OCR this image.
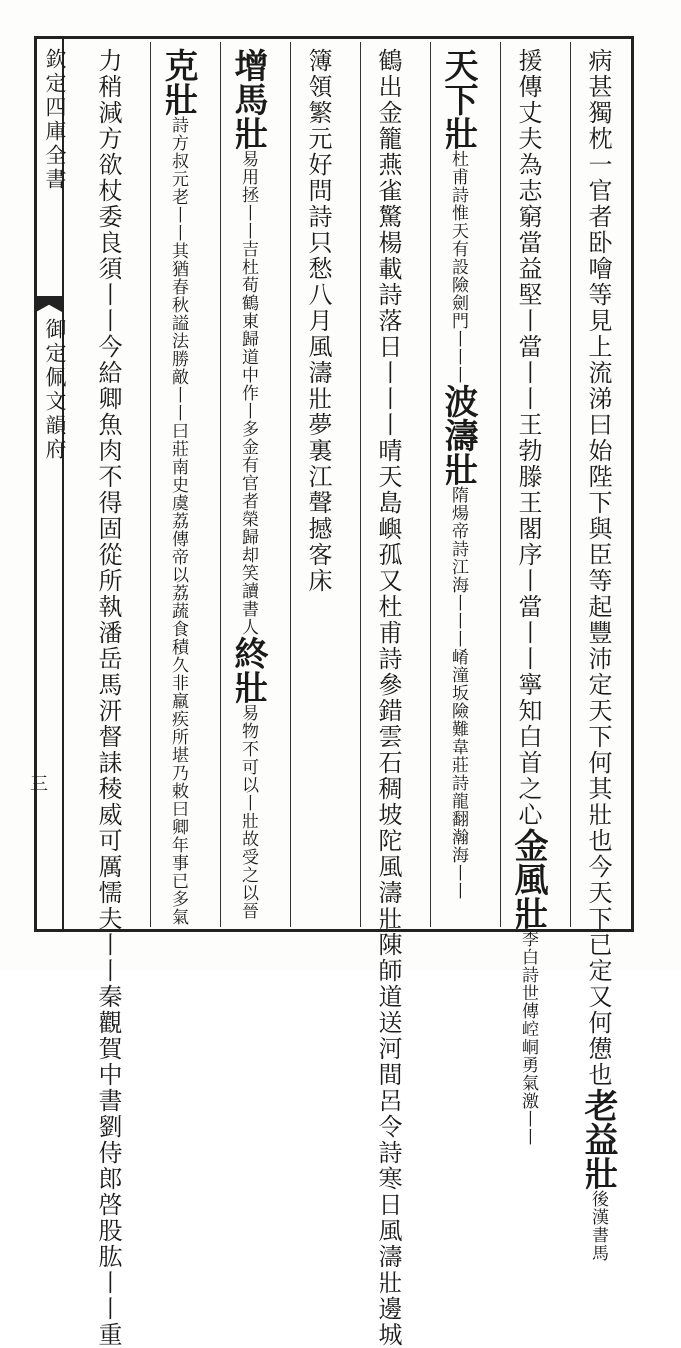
欽定四庫全書
御定佩文韻府
三	病甚獨枕一官者卧噲等見上流涕曰始陛下與臣等起豐沛定天下何其壯也今天下已定又何憊也老益壯後漢書馬
援傳丈夫為志窮當益堅丨當丨丨王勃滕王閣序丨當丨丨寧知白首之心金風壯李白詩世傳崆峒勇氣激丨丨
天下壯杜甫詩惟天有設險劍門丨丨丨波濤壯隋煬帝詩江海丨丨丨崤潼坂險難韋莊詩龍翻瀚海丨丨
鶴出金籠燕雀驚楊載詩落日丨丨丨晴天島嶼孤又杜甫詩參錯雲石稠坡陀風濤壯陳師道送河間呂令詩寒日風濤壯邊城
簿領繁元好問詩只愁八月風濤壯夢裏江聲撼客床
增馬壯易用拯丨丨吉杜荀鶴東歸道中作丨多金有官者榮歸却笑讀書人終壯易物不可以丨壯故受之以晉
克壯詩方叔元老丨丨其猶春秋謚法勝敵丨丨曰莊南史虞荔傳帝以荔蔬食積久非羸疾所堪乃敕曰卿年事已多氣
力稍減方欲杖委良須丨丨今給卿魚肉不得固從所執潘岳馬汧督誄稜威可厲懦夫丨丨秦觀賀中書劉侍郎啓股肱丨丨重
